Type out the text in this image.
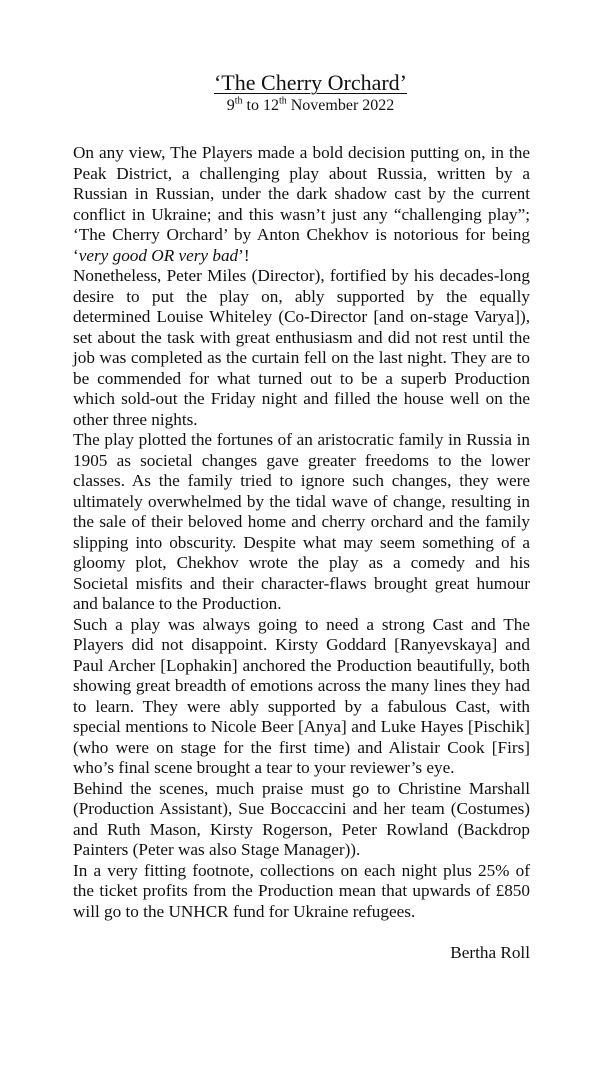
‘The Cherry Orchard’
9th to 12th November 2022

On any view, The Players made a bold decision putting on, in the Peak District, a challenging play about Russia, written by a Russian in Russian, under the dark shadow cast by the current conflict in Ukraine; and this wasn’t just any “challenging play”; ‘The Cherry Orchard’ by Anton Chekhov is notorious for being ‘very good OR very bad’!

Nonetheless, Peter Miles (Director), fortified by his decades-long desire to put the play on, ably supported by the equally determined Louise Whiteley (Co-Director [and on-stage Varya]), set about the task with great enthusiasm and did not rest until the job was completed as the curtain fell on the last night. They are to be commended for what turned out to be a superb Production which sold-out the Friday night and filled the house well on the other three nights.

The play plotted the fortunes of an aristocratic family in Russia in 1905 as societal changes gave greater freedoms to the lower classes. As the family tried to ignore such changes, they were ultimately overwhelmed by the tidal wave of change, resulting in the sale of their beloved home and cherry orchard and the family slipping into obscurity. Despite what may seem something of a gloomy plot, Chekhov wrote the play as a comedy and his Societal misfits and their character-flaws brought great humour and balance to the Production.

Such a play was always going to need a strong Cast and The Players did not disappoint. Kirsty Goddard [Ranyevskaya] and Paul Archer [Lophakin] anchored the Production beautifully, both showing great breadth of emotions across the many lines they had to learn. They were ably supported by a fabulous Cast, with special mentions to Nicole Beer [Anya] and Luke Hayes [Pischik] (who were on stage for the first time) and Alistair Cook [Firs] who’s final scene brought a tear to your reviewer’s eye.

Behind the scenes, much praise must go to Christine Marshall (Production Assistant), Sue Boccaccini and her team (Costumes) and Ruth Mason, Kirsty Rogerson, Peter Rowland (Backdrop Painters (Peter was also Stage Manager)).

In a very fitting footnote, collections on each night plus 25% of the ticket profits from the Production mean that upwards of £850 will go to the UNHCR fund for Ukraine refugees.

Bertha Roll
